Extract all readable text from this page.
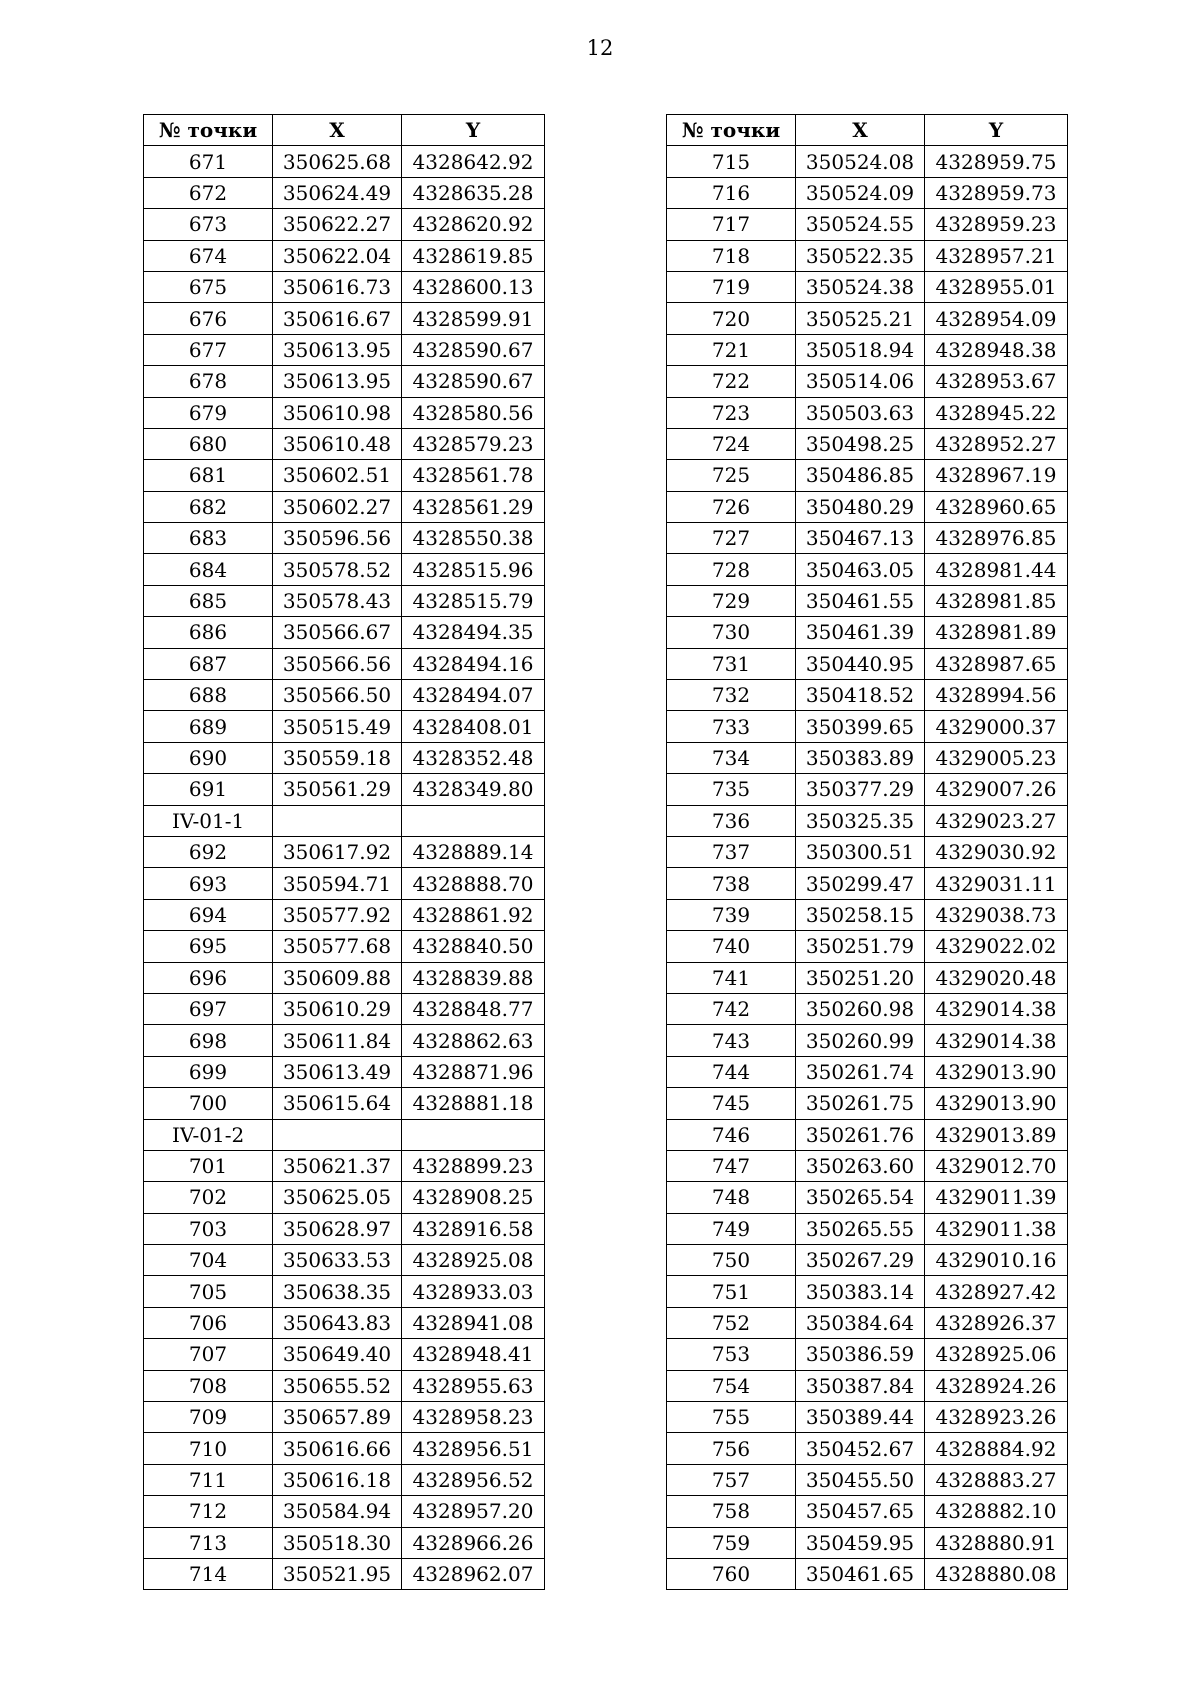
12
№ точки	X	Y
671	350625.68	4328642.92
672	350624.49	4328635.28
673	350622.27	4328620.92
674	350622.04	4328619.85
675	350616.73	4328600.13
676	350616.67	4328599.91
677	350613.95	4328590.67
678	350613.95	4328590.67
679	350610.98	4328580.56
680	350610.48	4328579.23
681	350602.51	4328561.78
682	350602.27	4328561.29
683	350596.56	4328550.38
684	350578.52	4328515.96
685	350578.43	4328515.79
686	350566.67	4328494.35
687	350566.56	4328494.16
688	350566.50	4328494.07
689	350515.49	4328408.01
690	350559.18	4328352.48
691	350561.29	4328349.80
IV-01-1		
692	350617.92	4328889.14
693	350594.71	4328888.70
694	350577.92	4328861.92
695	350577.68	4328840.50
696	350609.88	4328839.88
697	350610.29	4328848.77
698	350611.84	4328862.63
699	350613.49	4328871.96
700	350615.64	4328881.18
IV-01-2		
701	350621.37	4328899.23
702	350625.05	4328908.25
703	350628.97	4328916.58
704	350633.53	4328925.08
705	350638.35	4328933.03
706	350643.83	4328941.08
707	350649.40	4328948.41
708	350655.52	4328955.63
709	350657.89	4328958.23
710	350616.66	4328956.51
711	350616.18	4328956.52
712	350584.94	4328957.20
713	350518.30	4328966.26
714	350521.95	4328962.07
№ точки	X	Y
715	350524.08	4328959.75
716	350524.09	4328959.73
717	350524.55	4328959.23
718	350522.35	4328957.21
719	350524.38	4328955.01
720	350525.21	4328954.09
721	350518.94	4328948.38
722	350514.06	4328953.67
723	350503.63	4328945.22
724	350498.25	4328952.27
725	350486.85	4328967.19
726	350480.29	4328960.65
727	350467.13	4328976.85
728	350463.05	4328981.44
729	350461.55	4328981.85
730	350461.39	4328981.89
731	350440.95	4328987.65
732	350418.52	4328994.56
733	350399.65	4329000.37
734	350383.89	4329005.23
735	350377.29	4329007.26
736	350325.35	4329023.27
737	350300.51	4329030.92
738	350299.47	4329031.11
739	350258.15	4329038.73
740	350251.79	4329022.02
741	350251.20	4329020.48
742	350260.98	4329014.38
743	350260.99	4329014.38
744	350261.74	4329013.90
745	350261.75	4329013.90
746	350261.76	4329013.89
747	350263.60	4329012.70
748	350265.54	4329011.39
749	350265.55	4329011.38
750	350267.29	4329010.16
751	350383.14	4328927.42
752	350384.64	4328926.37
753	350386.59	4328925.06
754	350387.84	4328924.26
755	350389.44	4328923.26
756	350452.67	4328884.92
757	350455.50	4328883.27
758	350457.65	4328882.10
759	350459.95	4328880.91
760	350461.65	4328880.08
